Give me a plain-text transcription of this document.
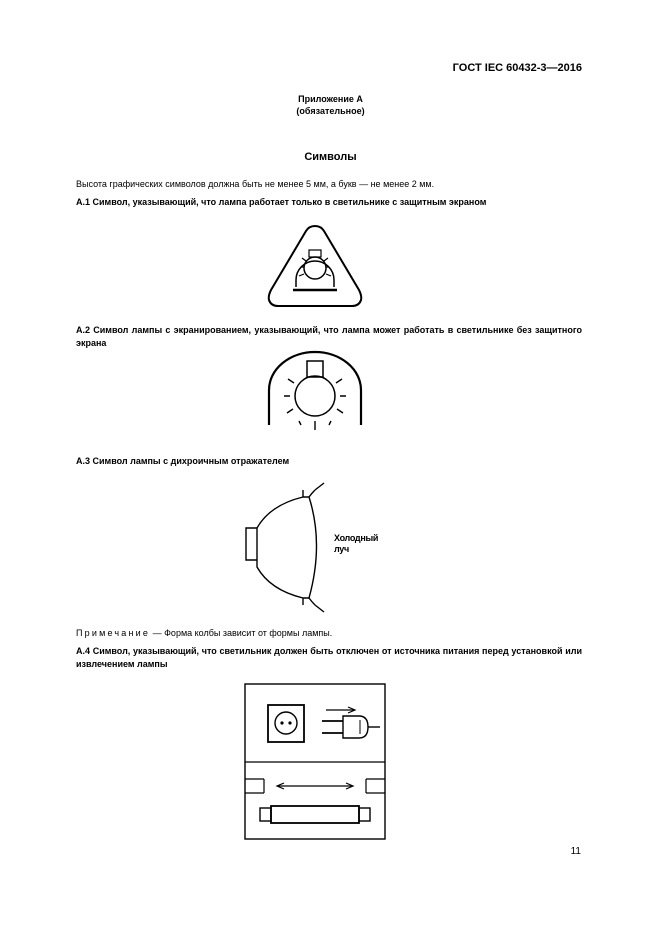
ГОСТ IEC 60432-3—2016
Приложение А
(обязательное)
Символы
Высота графических символов должна быть не менее 5 мм, а букв — не менее 2 мм.
А.1 Символ, указывающий, что лампа работает только в светильнике с защитным экраном
А.2 Символ лампы с экранированием, указывающий, что лампа может работать в светильнике без защитного экрана
А.3 Символ лампы с дихроичным отражателем
Холодный
луч
Примечание — Форма колбы зависит от формы лампы.
А.4 Символ, указывающий, что светильник должен быть отключен от источника питания перед установкой или извлечением лампы
11
